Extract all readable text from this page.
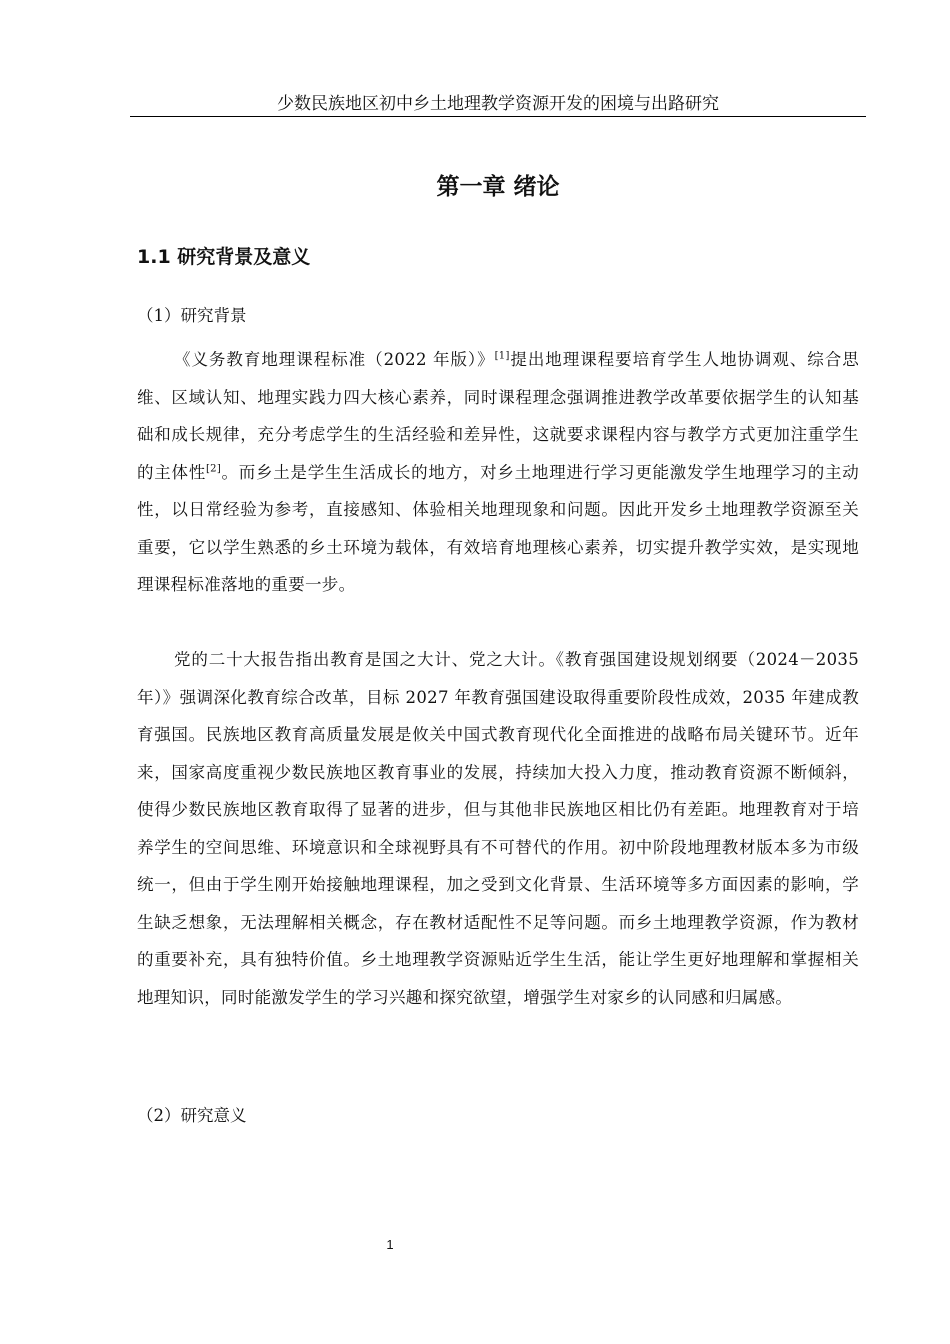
少数民族地区初中乡土地理教学资源开发的困境与出路研究
第一章 绪论
1.1 研究背景及意义
（1）研究背景

《义务教育地理课程标准（2022 年版）》[1]提出地理课程要培育学生人地协调观、综合思维、区域认知、地理实践力四大核心素养，同时课程理念强调推进教学改革要依据学生的认知基础和成长规律，充分考虑学生的生活经验和差异性，这就要求课程内容与教学方式更加注重学生的主体性[2]。而乡土是学生生活成长的地方，对乡土地理进行学习更能激发学生地理学习的主动性，以日常经验为参考，直接感知、体验相关地理现象和问题。因此开发乡土地理教学资源至关重要，它以学生熟悉的乡土环境为载体，有效培育地理核心素养，切实提升教学实效，是实现地理课程标准落地的重要一步。

党的二十大报告指出教育是国之大计、党之大计。《教育强国建设规划纲要（2024－2035 年）》强调深化教育综合改革，目标 2027 年教育强国建设取得重要阶段性成效，2035 年建成教育强国。民族地区教育高质量发展是攸关中国式教育现代化全面推进的战略布局关键环节。近年来，国家高度重视少数民族地区教育事业的发展，持续加大投入力度，推动教育资源不断倾斜，使得少数民族地区教育取得了显著的进步，但与其他非民族地区相比仍有差距。地理教育对于培养学生的空间思维、环境意识和全球视野具有不可替代的作用。初中阶段地理教材版本多为市级统一，但由于学生刚开始接触地理课程，加之受到文化背景、生活环境等多方面因素的影响，学生缺乏想象，无法理解相关概念，存在教材适配性不足等问题。而乡土地理教学资源，作为教材的重要补充，具有独特价值。乡土地理教学资源贴近学生生活，能让学生更好地理解和掌握相关地理知识，同时能激发学生的学习兴趣和探究欲望，增强学生对家乡的认同感和归属感。

（2）研究意义
1
